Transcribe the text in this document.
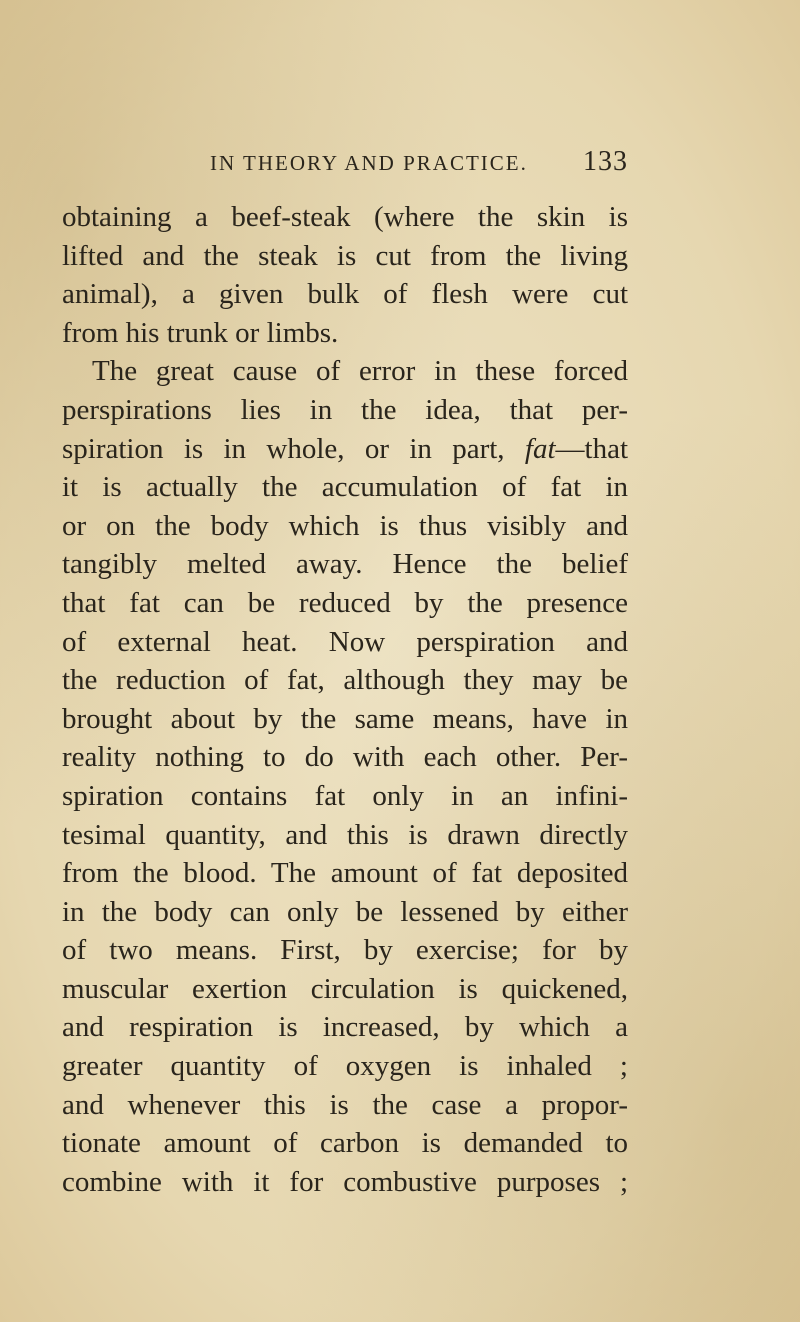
IN THEORY AND PRACTICE. 133
obtaining a beef-steak (where the skin is
lifted and the steak is cut from the living
animal), a given bulk of flesh were cut
from his trunk or limbs.
The great cause of error in these forced
perspirations lies in the idea, that per-
spiration is in whole, or in part, fat—that
it is actually the accumulation of fat in
or on the body which is thus visibly and
tangibly melted away. Hence the belief
that fat can be reduced by the presence
of external heat. Now perspiration and
the reduction of fat, although they may be
brought about by the same means, have in
reality nothing to do with each other. Per-
spiration contains fat only in an infini-
tesimal quantity, and this is drawn directly
from the blood. The amount of fat deposited
in the body can only be lessened by either
of two means. First, by exercise; for by
muscular exertion circulation is quickened,
and respiration is increased, by which a
greater quantity of oxygen is inhaled ;
and whenever this is the case a propor-
tionate amount of carbon is demanded to
combine with it for combustive purposes ;
